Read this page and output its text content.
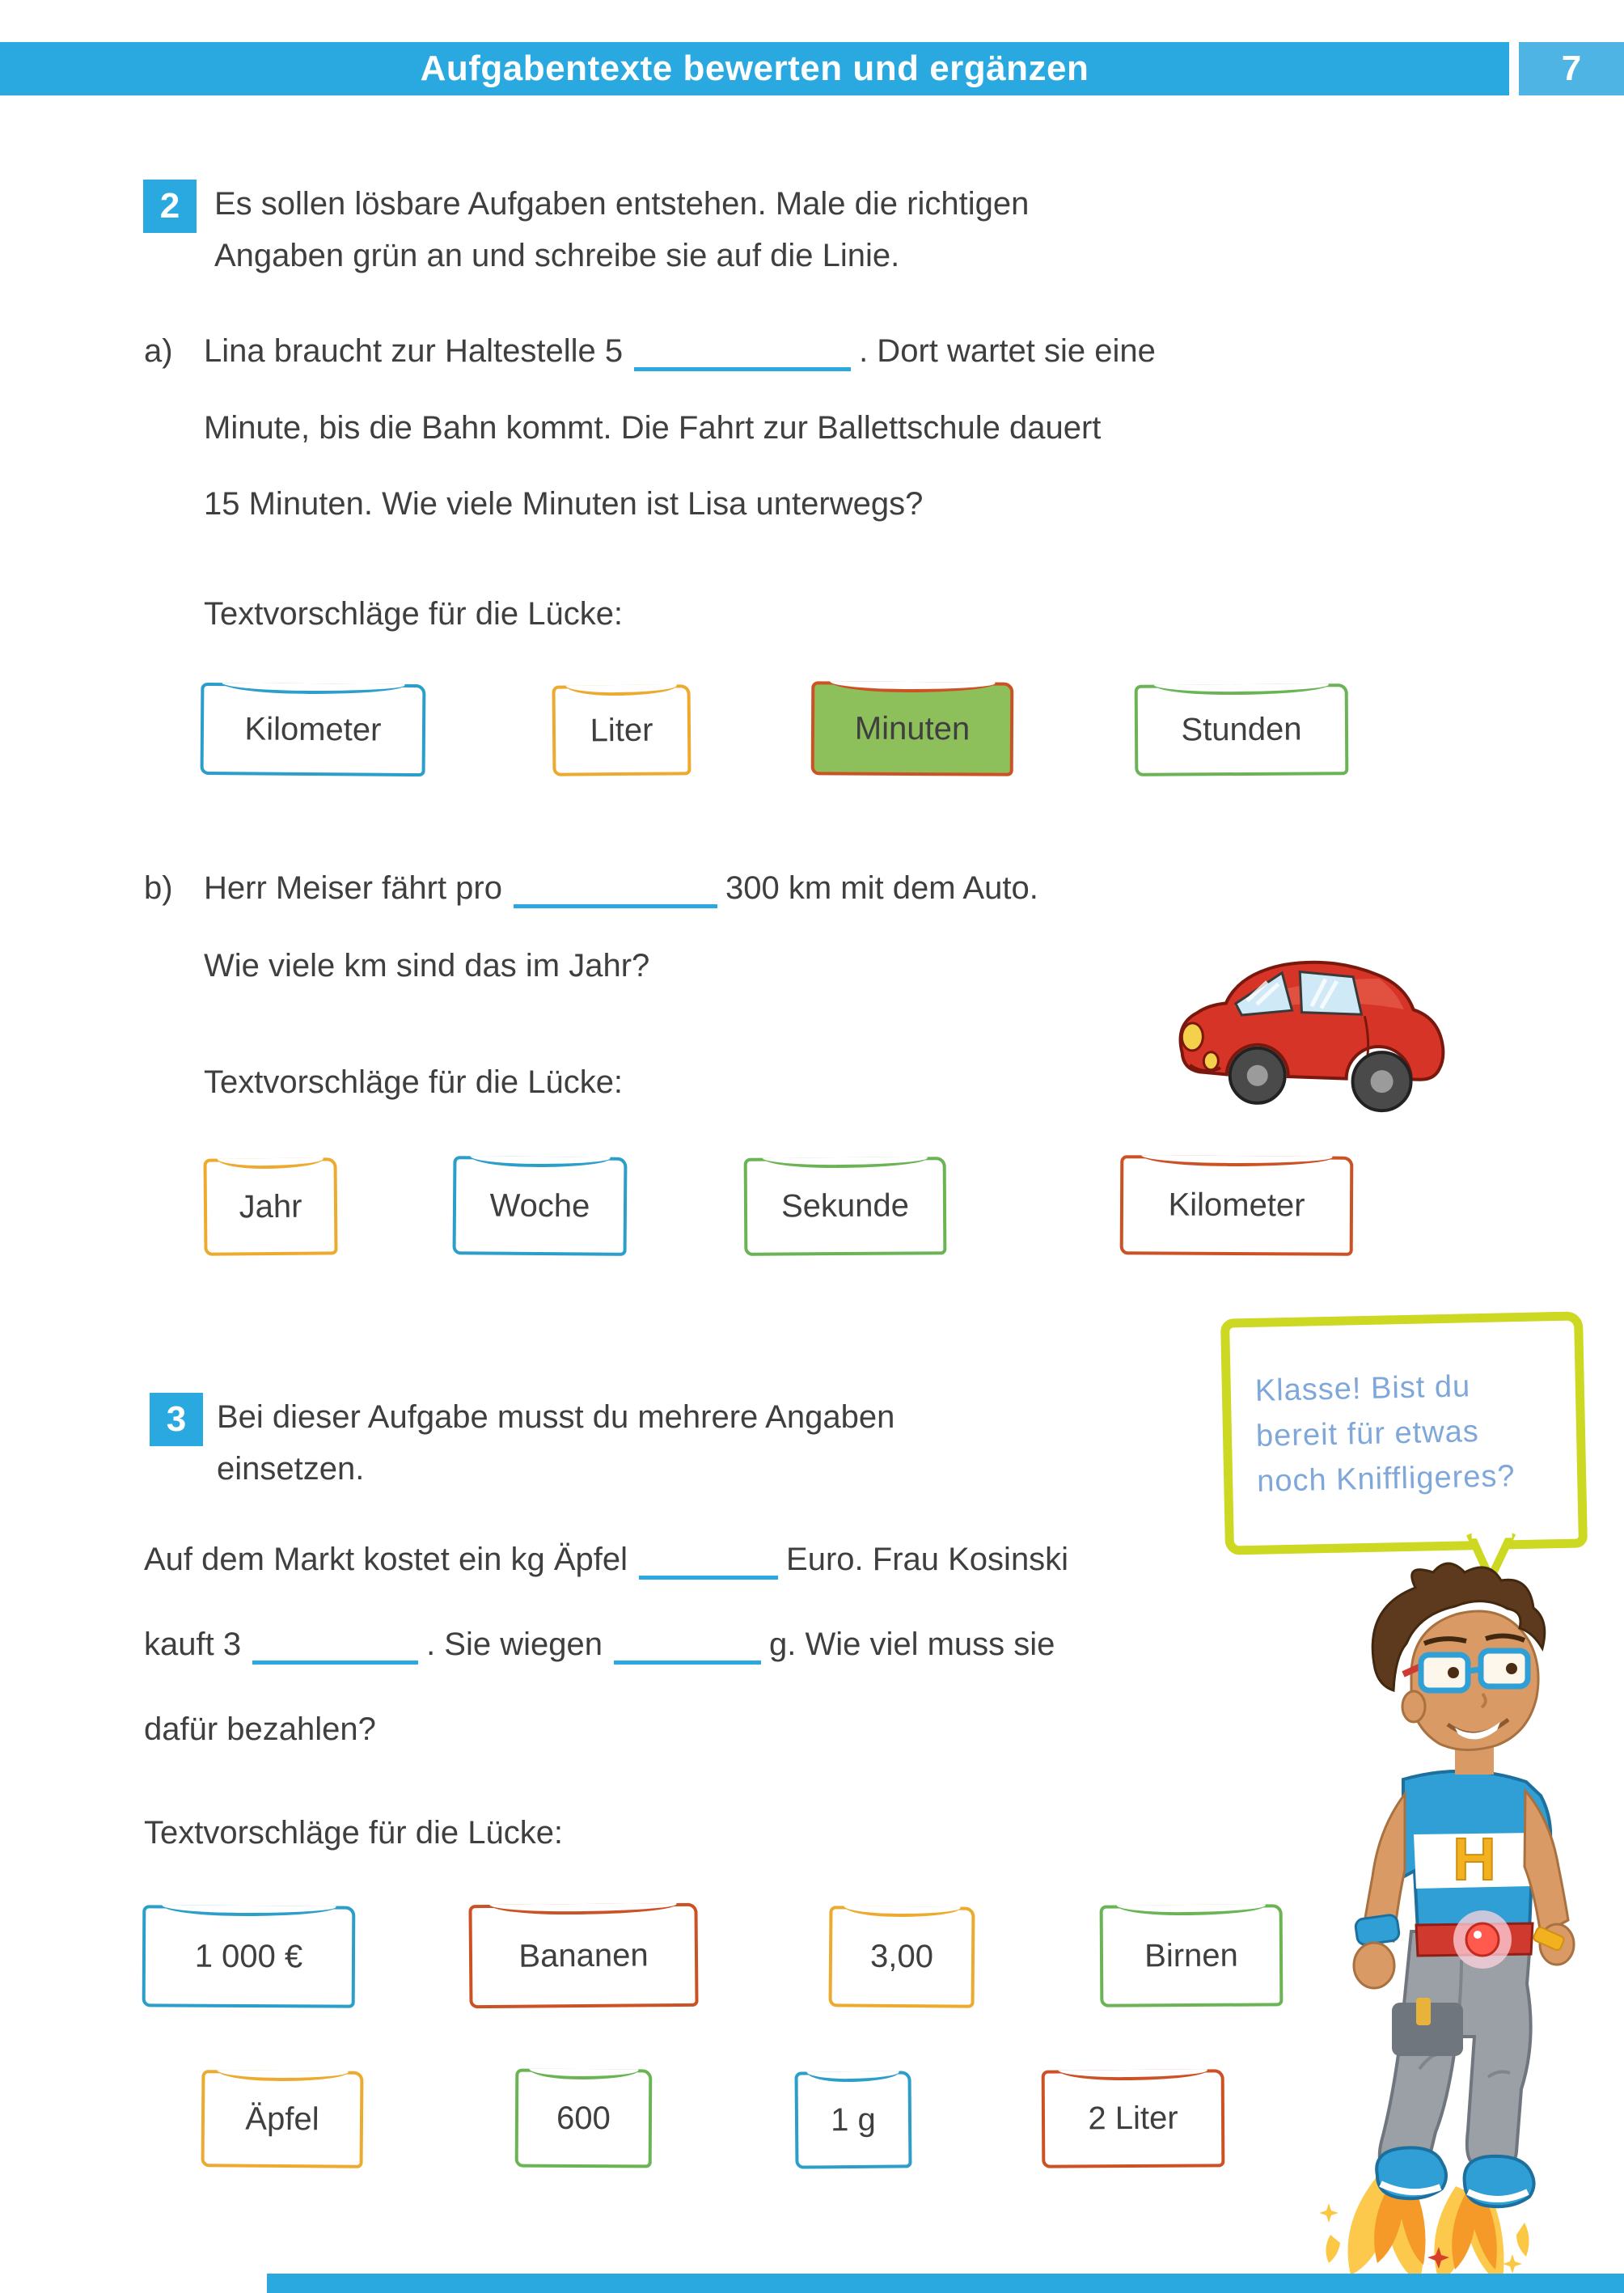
Aufgabentexte bewerten und ergänzen	7
2 Es sollen lösbare Aufgaben entstehen. Male die richtigen
Angaben grün an und schreibe sie auf die Linie.
a) Lina braucht zur Haltestelle 5	. Dort wartet sie eine
Minute, bis die Bahn kommt. Die Fahrt zur Ballettschule dauert
15 Minuten. Wie viele Minuten ist Lisa unterwegs?
Textvorschläge für die Lücke:
Kilometer	Liter	Minuten	Stunden
b) Herr Meiser fährt pro	300 km mit dem Auto.
Wie viele km sind das im Jahr?
Textvorschläge für die Lücke:
Jahr	Woche	Sekunde	Kilometer
Klasse! Bist du
bereit für etwas
noch Kniffligeres?
3 Bei dieser Aufgabe musst du mehrere Angaben
einsetzen.
Auf dem Markt kostet ein kg Äpfel	Euro. Frau Kosinski
kauft 3	. Sie wiegen	g. Wie viel muss sie
dafür bezahlen?
Textvorschläge für die Lücke:
1 000 €	Bananen	3,00	Birnen
Äpfel	600	1 g	2 Liter
H
